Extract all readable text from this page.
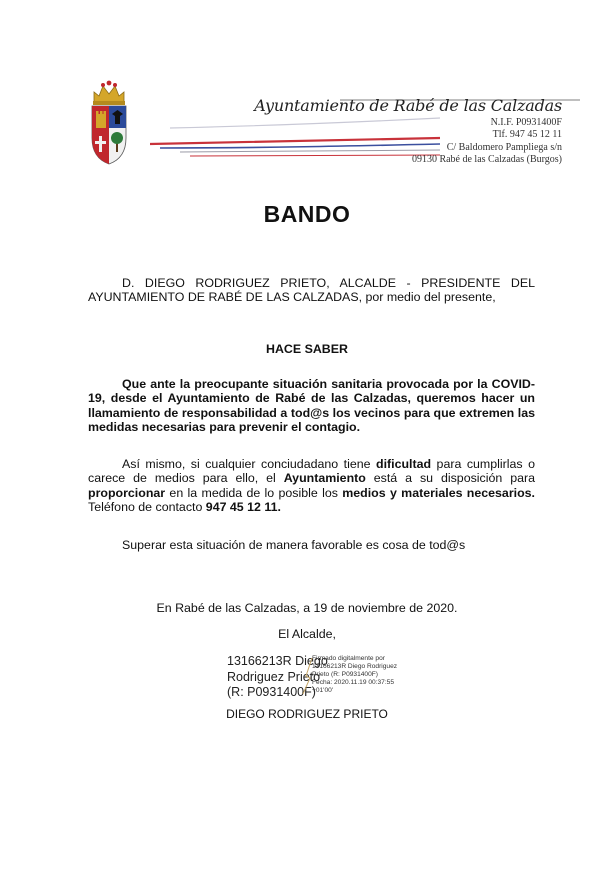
Ayuntamiento de Rabé de las Calzadas
N.I.F. P0931400F
Tlf. 947 45 12 11
C/ Baldomero Pampliega s/n
09130 Rabé de las Calzadas (Burgos)
BANDO

D. DIEGO RODRIGUEZ PRIETO, ALCALDE - PRESIDENTE DEL AYUNTAMIENTO DE RABÉ DE LAS CALZADAS, por medio del presente,

HACE SABER

Que ante la preocupante situación sanitaria provocada por la COVID-19, desde el Ayuntamiento de Rabé de las Calzadas, queremos hacer un llamamiento de responsabilidad a tod@s los vecinos para que extremen las medidas necesarias para prevenir el contagio.

Así mismo, si cualquier conciudadano tiene dificultad para cumplirlas o carece de medios para ello, el Ayuntamiento está a su disposición para proporcionar en la medida de lo posible los medios y materiales necesarios. Teléfono de contacto 947 45 12 11.

Superar esta situación de manera favorable es cosa de tod@s

En Rabé de las Calzadas, a 19 de noviembre de 2020.
El Alcalde,
13166213R Diego
Rodriguez Prieto
(R: P0931400F)
Firmado digitalmente por
13166213R Diego Rodriguez
Prieto (R: P0931400F)
Fecha: 2020.11.19 00:37:55
+01'00'
DIEGO RODRIGUEZ PRIETO
